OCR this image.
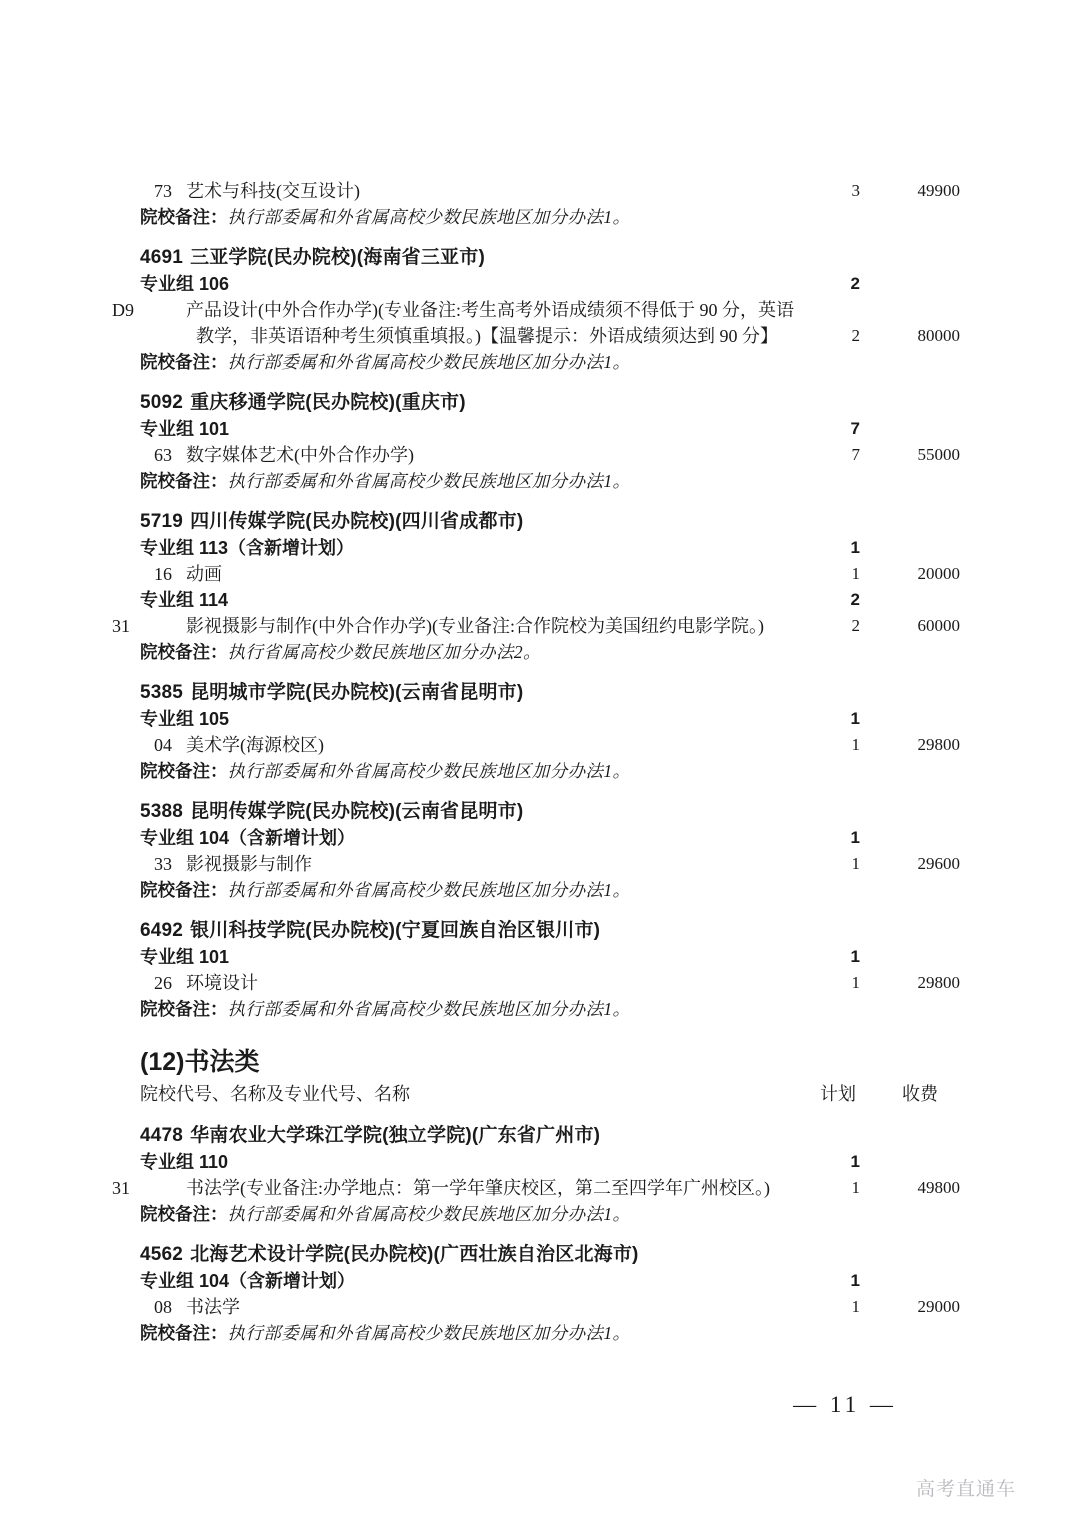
73 艺术与科技(交互设计)	3	49900
院校备注：执行部委属和外省属高校少数民族地区加分办法1。
4691 三亚学院(民办院校)(海南省三亚市)
专业组 106	2
D9	产品设计(中外合作办学)(专业备注:考生高考外语成绩须不得低于 90 分，英语教学，非英语语种考生须慎重填报。)【温馨提示：外语成绩须达到 90 分】	2	80000
院校备注：执行部委属和外省属高校少数民族地区加分办法1。
5092 重庆移通学院(民办院校)(重庆市)
专业组 101	7
63 数字媒体艺术(中外合作办学)	7	55000
院校备注：执行部委属和外省属高校少数民族地区加分办法1。
5719 四川传媒学院(民办院校)(四川省成都市)
专业组 113（含新增计划）	1
16 动画	1	20000
专业组 114	2
31	影视摄影与制作(中外合作办学)(专业备注:合作院校为美国纽约电影学院。)	2	60000
院校备注：执行省属高校少数民族地区加分办法2。
5385 昆明城市学院(民办院校)(云南省昆明市)
专业组 105	1
04 美术学(海源校区)	1	29800
院校备注：执行部委属和外省属高校少数民族地区加分办法1。
5388 昆明传媒学院(民办院校)(云南省昆明市)
专业组 104（含新增计划）	1
33 影视摄影与制作	1	29600
院校备注：执行部委属和外省属高校少数民族地区加分办法1。
6492 银川科技学院(民办院校)(宁夏回族自治区银川市)
专业组 101	1
26 环境设计	1	29800
院校备注：执行部委属和外省属高校少数民族地区加分办法1。
(12)书法类
院校代号、名称及专业代号、名称	计划	收费
4478 华南农业大学珠江学院(独立学院)(广东省广州市)
专业组 110	1
31	书法学(专业备注:办学地点：第一学年肇庆校区，第二至四学年广州校区。)	1	49800
院校备注：执行部委属和外省属高校少数民族地区加分办法1。
4562 北海艺术设计学院(民办院校)(广西壮族自治区北海市)
专业组 104（含新增计划）	1
08 书法学	1	29000
院校备注：执行部委属和外省属高校少数民族地区加分办法1。
— 11 —
高考直通车
